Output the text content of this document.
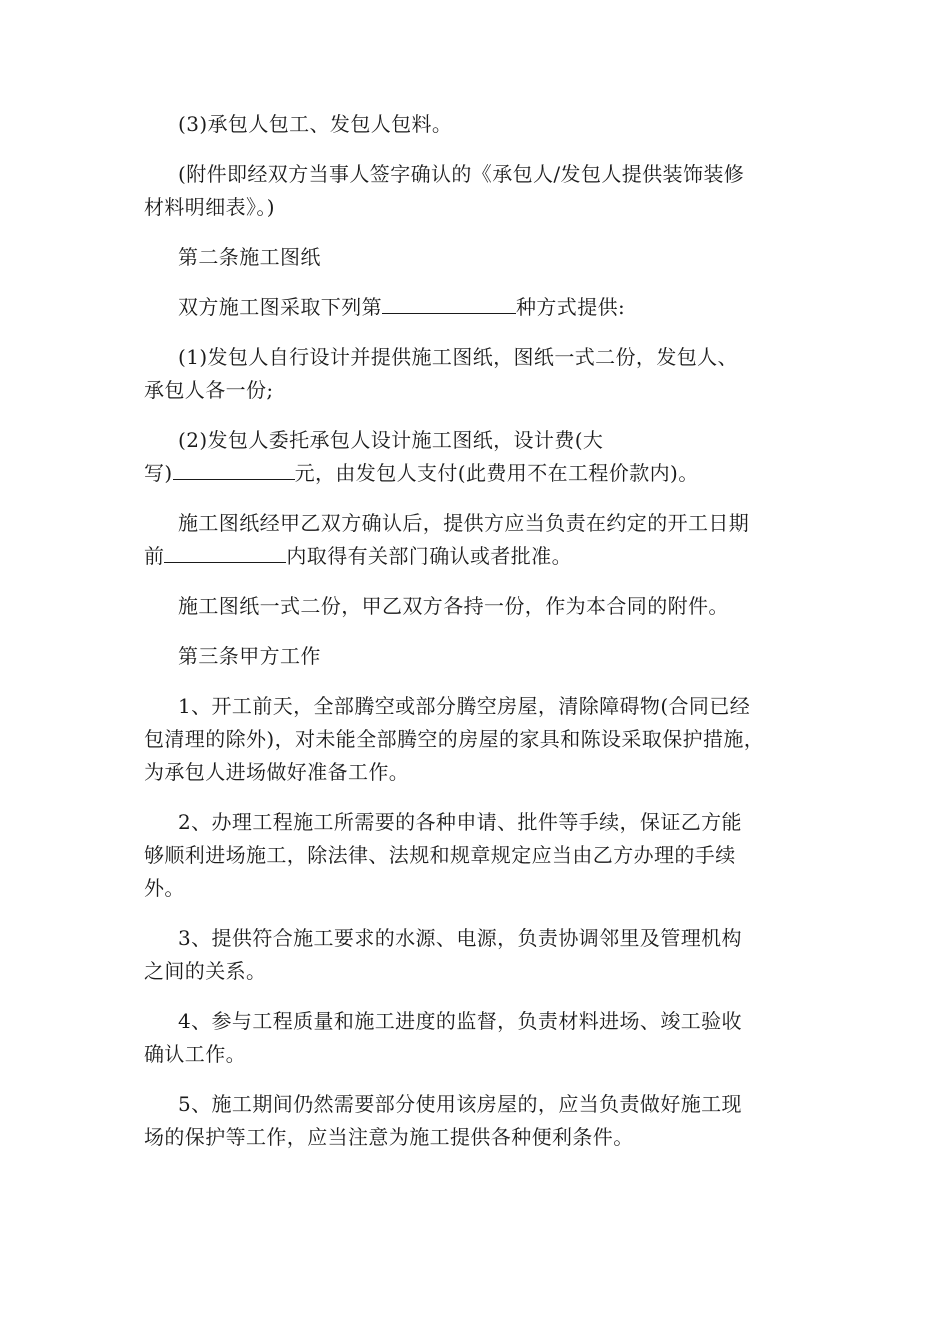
(3)承包人包工、发包人包料。

(附件即经双方当事人签字确认的《承包人/发包人提供装饰装修
材料明细表》。)

第二条施工图纸

双方施工图采取下列第	种方式提供:

(1)发包人自行设计并提供施工图纸，图纸一式二份，发包人、
承包人各一份;

(2)发包人委托承包人设计施工图纸，设计费(大
写)	元，由发包人支付(此费用不在工程价款内)。

施工图纸经甲乙双方确认后，提供方应当负责在约定的开工日期
前	内取得有关部门确认或者批准。

施工图纸一式二份，甲乙双方各持一份，作为本合同的附件。

第三条甲方工作

1、开工前天，全部腾空或部分腾空房屋，清除障碍物(合同已经
包清理的除外)，对未能全部腾空的房屋的家具和陈设采取保护措施，
为承包人进场做好准备工作。

2、办理工程施工所需要的各种申请、批件等手续，保证乙方能
够顺利进场施工，除法律、法规和规章规定应当由乙方办理的手续
外。

3、提供符合施工要求的水源、电源，负责协调邻里及管理机构
之间的关系。

4、参与工程质量和施工进度的监督，负责材料进场、竣工验收
确认工作。

5、施工期间仍然需要部分使用该房屋的，应当负责做好施工现
场的保护等工作，应当注意为施工提供各种便利条件。
